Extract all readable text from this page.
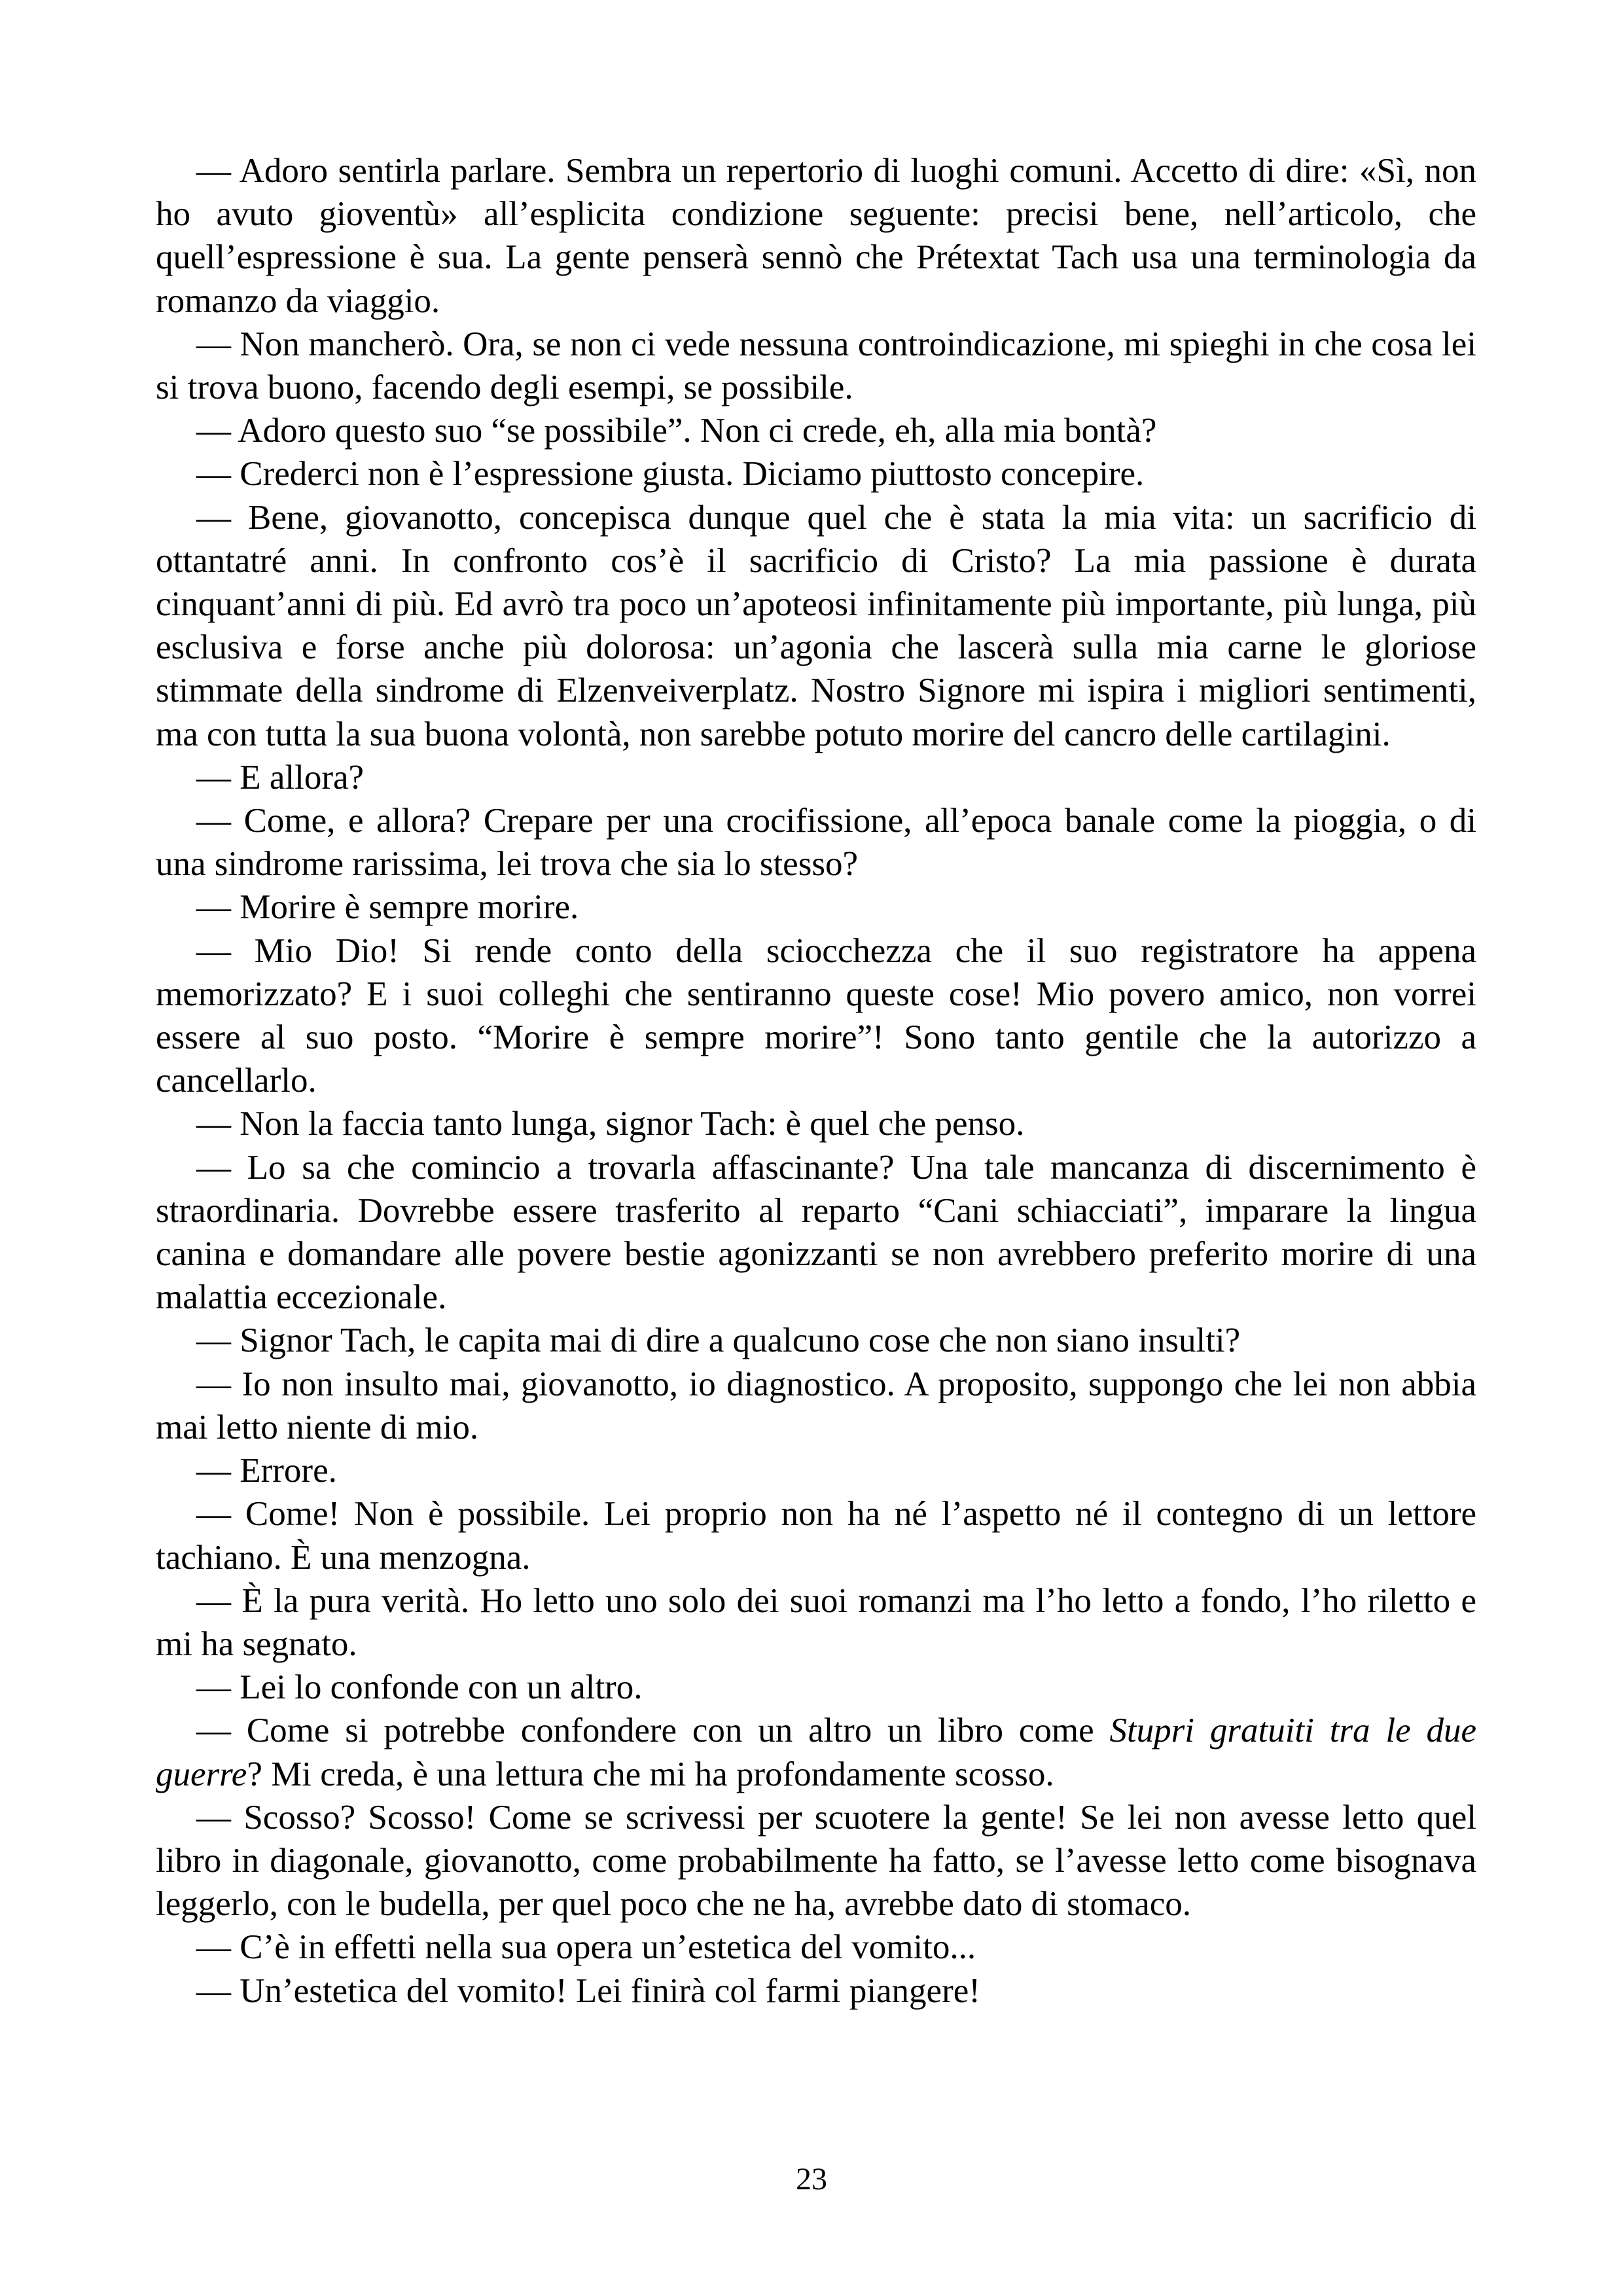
— Adoro sentirla parlare. Sembra un repertorio di luoghi comuni. Accetto di dire: «Sì, non ho avuto gioventù» all’esplicita condizione seguente: precisi bene, nell’articolo, che quell’espressione è sua. La gente penserà sennò che Prétextat Tach usa una terminologia da romanzo da viaggio.

— Non mancherò. Ora, se non ci vede nessuna controindicazione, mi spieghi in che cosa lei si trova buono, facendo degli esempi, se possibile.

— Adoro questo suo “se possibile”. Non ci crede, eh, alla mia bontà?

— Crederci non è l’espressione giusta. Diciamo piuttosto concepire.

— Bene, giovanotto, concepisca dunque quel che è stata la mia vita: un sacrificio di ottantatré anni. In confronto cos’è il sacrificio di Cristo? La mia passione è durata cinquant’anni di più. Ed avrò tra poco un’apoteosi infinitamente più importante, più lunga, più esclusiva e forse anche più dolorosa: un’agonia che lascerà sulla mia carne le gloriose stimmate della sindrome di Elzenveiverplatz. Nostro Signore mi ispira i migliori sentimenti, ma con tutta la sua buona volontà, non sarebbe potuto morire del cancro delle cartilagini.

— E allora?

— Come, e allora? Crepare per una crocifissione, all’epoca banale come la pioggia, o di una sindrome rarissima, lei trova che sia lo stesso?

— Morire è sempre morire.

— Mio Dio! Si rende conto della sciocchezza che il suo registratore ha appena memorizzato? E i suoi colleghi che sentiranno queste cose! Mio povero amico, non vorrei essere al suo posto. “Morire è sempre morire”! Sono tanto gentile che la autorizzo a cancellarlo.

— Non la faccia tanto lunga, signor Tach: è quel che penso.

— Lo sa che comincio a trovarla affascinante? Una tale mancanza di discernimento è straordinaria. Dovrebbe essere trasferito al reparto “Cani schiacciati”, imparare la lingua canina e domandare alle povere bestie agonizzanti se non avrebbero preferito morire di una malattia eccezionale.

— Signor Tach, le capita mai di dire a qualcuno cose che non siano insulti?

— Io non insulto mai, giovanotto, io diagnostico. A proposito, suppongo che lei non abbia mai letto niente di mio.

— Errore.

— Come! Non è possibile. Lei proprio non ha né l’aspetto né il contegno di un lettore tachiano. È una menzogna.

— È la pura verità. Ho letto uno solo dei suoi romanzi ma l’ho letto a fondo, l’ho riletto e mi ha segnato.

— Lei lo confonde con un altro.

— Come si potrebbe confondere con un altro un libro come Stupri gratuiti tra le due guerre? Mi creda, è una lettura che mi ha profondamente scosso.

— Scosso? Scosso! Come se scrivessi per scuotere la gente! Se lei non avesse letto quel libro in diagonale, giovanotto, come probabilmente ha fatto, se l’avesse letto come bisognava leggerlo, con le budella, per quel poco che ne ha, avrebbe dato di stomaco.

— C’è in effetti nella sua opera un’estetica del vomito...

— Un’estetica del vomito! Lei finirà col farmi piangere!

23
